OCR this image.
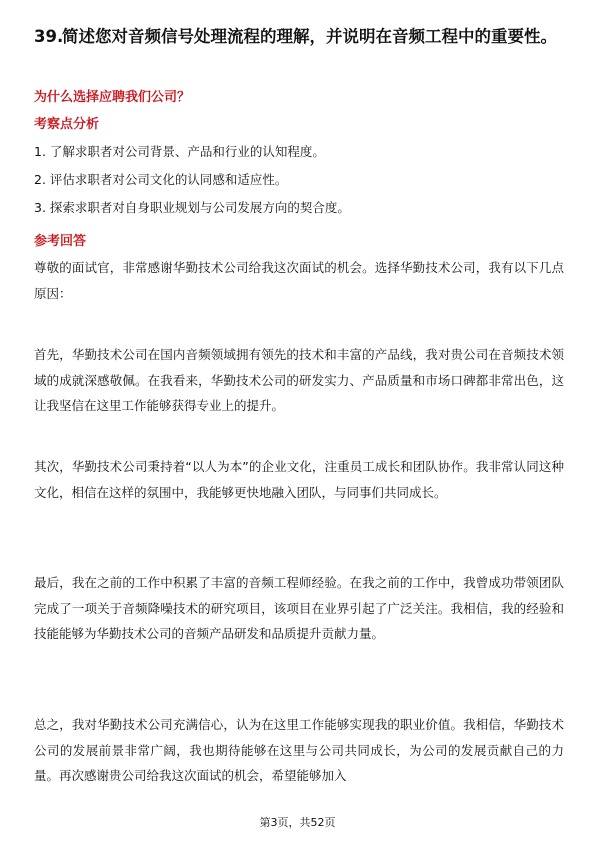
39.
简述您对音频信号处理流程的理解，并说明在音频工程中的重要性。
为什么选择应聘我们公司？
考察点分析

1. 了解求职者对公司背景、产品和行业的认知程度。

2. 评估求职者对公司文化的认同感和适应性。

3. 探索求职者对自身职业规划与公司发展方向的契合度。

参考回答

尊敬的面试官，非常感谢华勤技术公司给我这次面试的机会。选择华勤技术公司，我有以下几点原因：

首先，华勤技术公司在国内音频领域拥有领先的技术和丰富的产品线，我对贵公司在音频技术领域的成就深感敬佩。在我看来，华勤技术公司的研发实力、产品质量和市场口碑都非常出色，这让我坚信在这里工作能够获得专业上的提升。

其次，华勤技术公司秉持着“以人为本”的企业文化，注重员工成长和团队协作。我非常认同这种文化，相信在这样的氛围中，我能够更快地融入团队，与同事们共同成长。

最后，我在之前的工作中积累了丰富的音频工程师经验。在我之前的工作中，我曾成功带领团队完成了一项关于音频降噪技术的研究项目，该项目在业界引起了广泛关注。我相信，我的经验和技能能够为华勤技术公司的音频产品研发和品质提升贡献力量。

总之，我对华勤技术公司充满信心，认为在这里工作能够实现我的职业价值。我相信，华勤技术公司的发展前景非常广阔，我也期待能够在这里与公司共同成长，为公司的发展贡献自己的力量。再次感谢贵公司给我这次面试的机会，希望能够加入

第3页，共52页
